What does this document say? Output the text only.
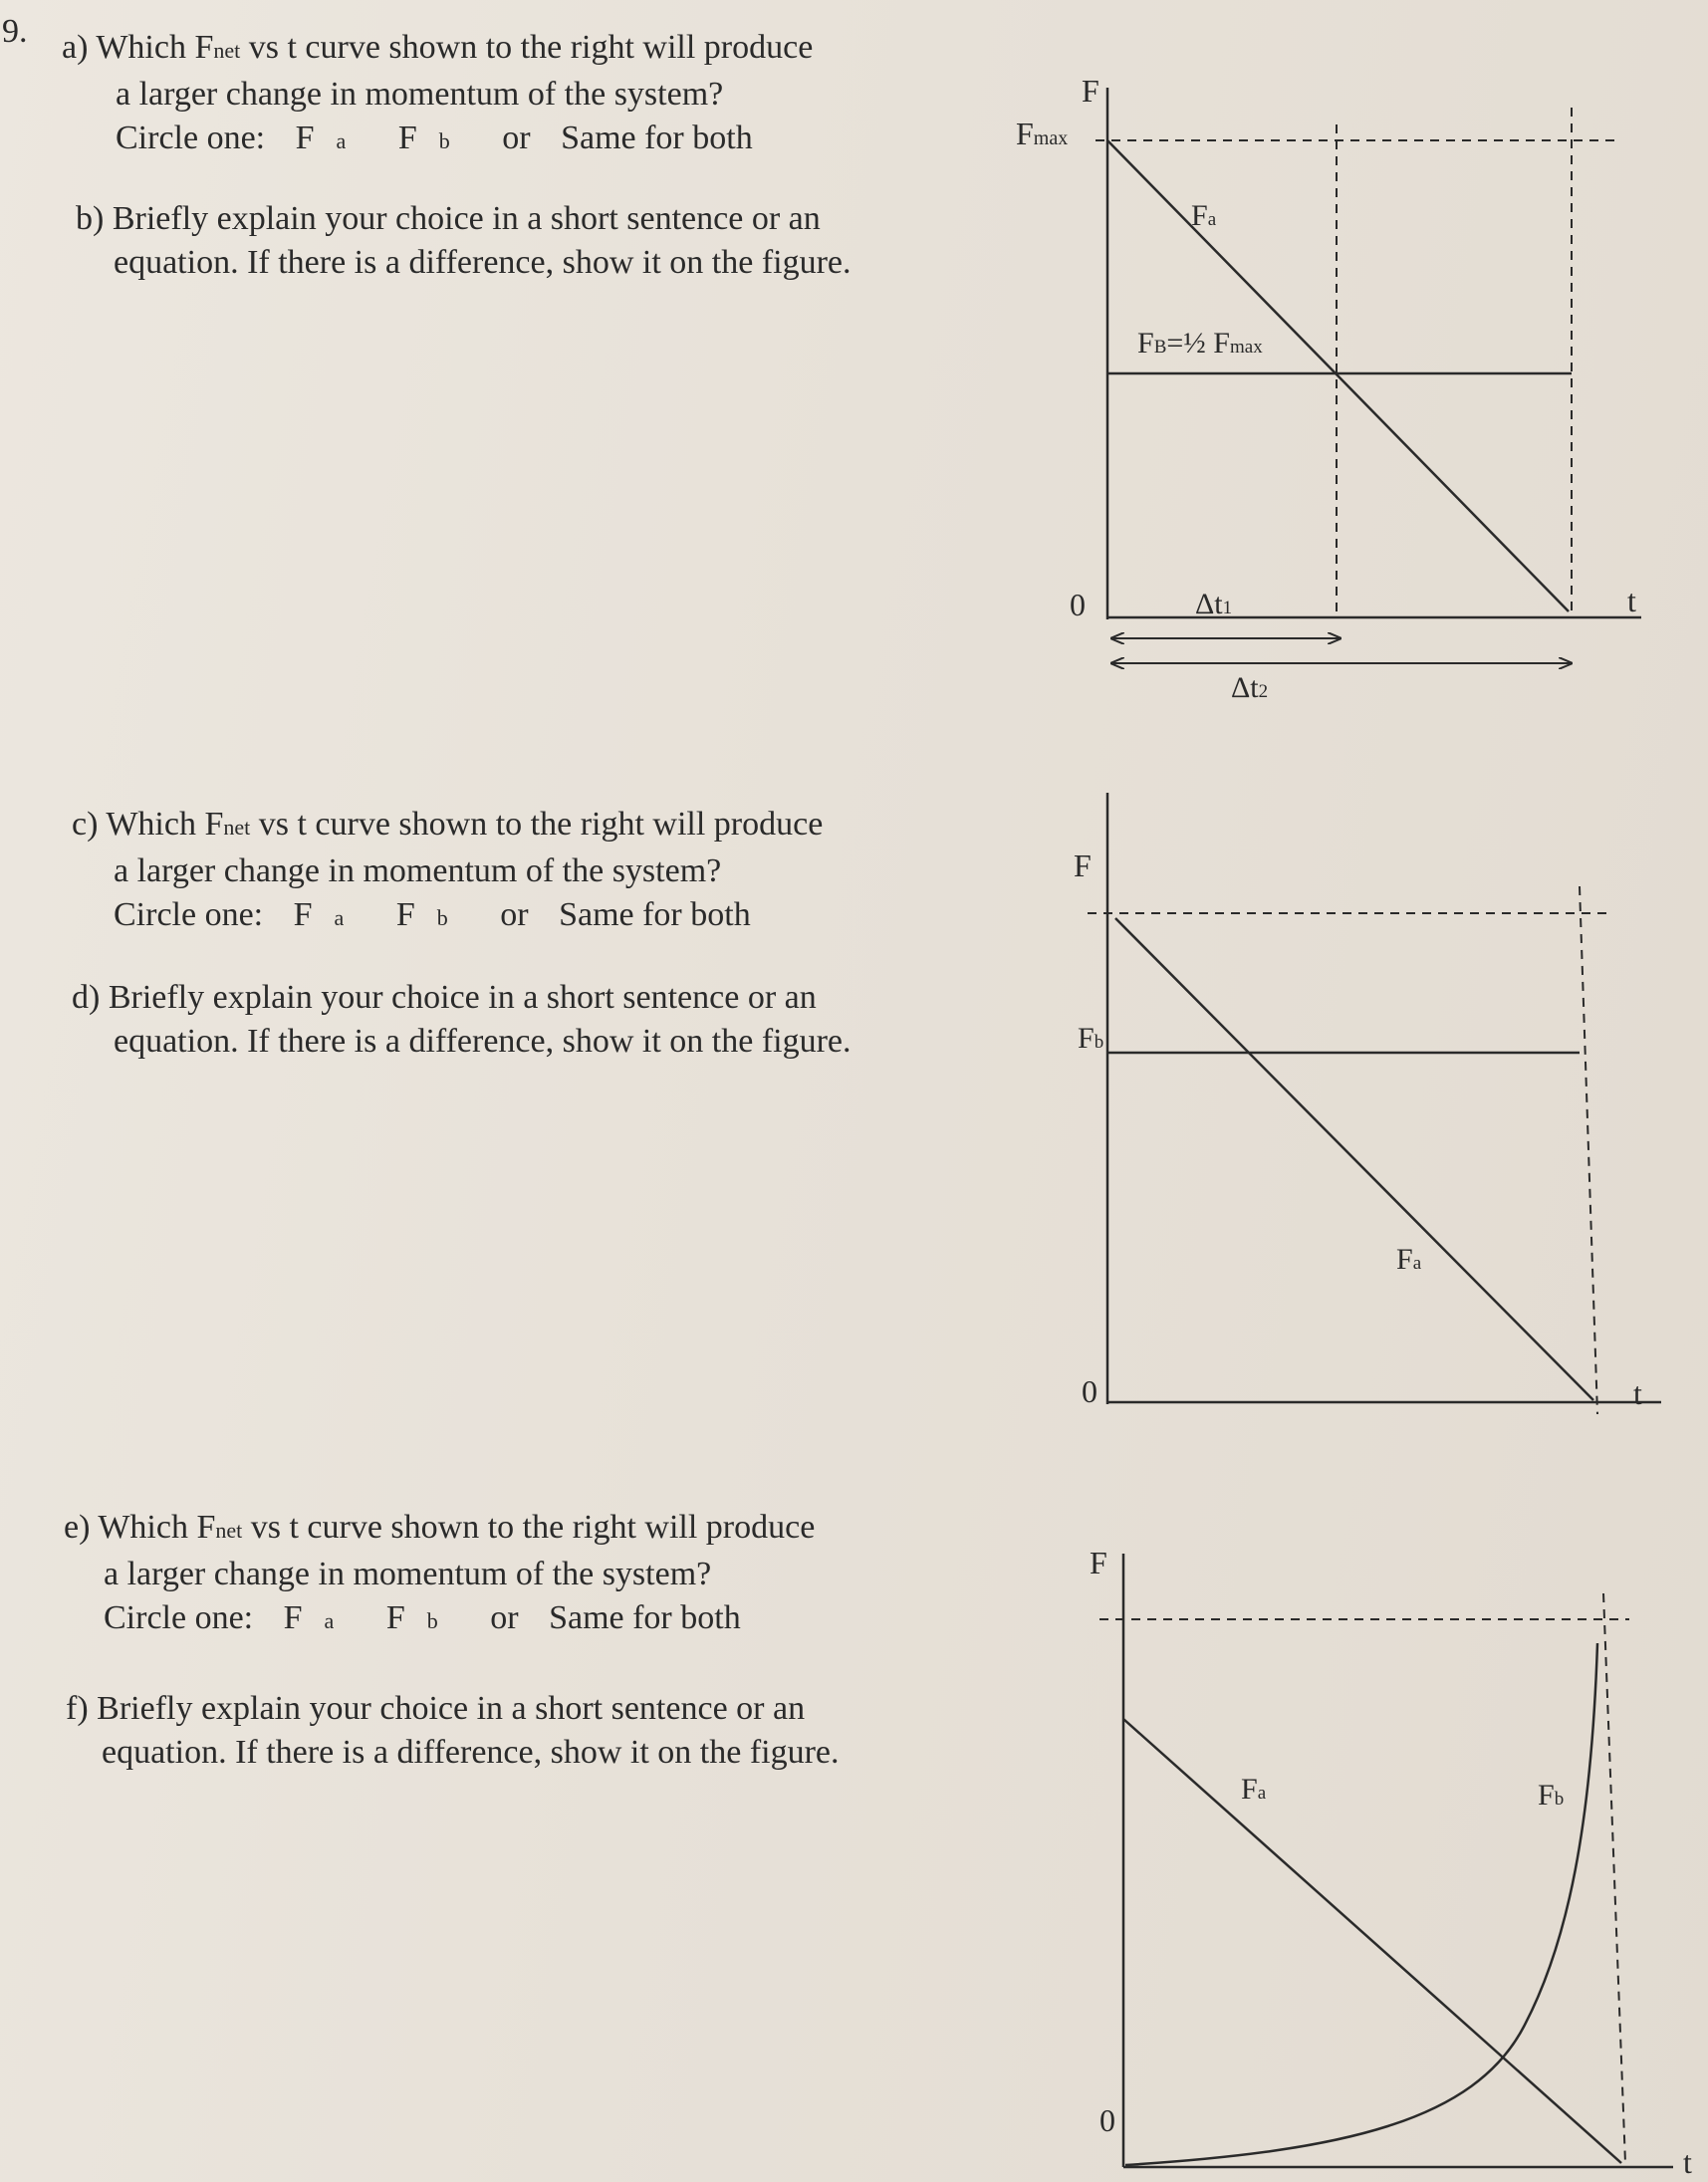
9. a) Which Fnet vs t curve shown to the right will produce
a larger change in momentum of the system?
Circle one: F a F b or Same for both
b) Briefly explain your choice in a short sentence or an
equation. If there is a difference, show it on the figure.
c) Which Fnet vs t curve shown to the right will produce
a larger change in momentum of the system?
Circle one: F a F b or Same for both
d) Briefly explain your choice in a short sentence or an
equation. If there is a difference, show it on the figure.
e) Which Fnet vs t curve shown to the right will produce
a larger change in momentum of the system?
Circle one: F a F b or Same for both
f) Briefly explain your choice in a short sentence or an
equation. If there is a difference, show it on the figure.
F
Fmax
0	t
Fa
FB=½ Fmax
Δt1
Δt2
F
Fb
0	t
Fa
F
0
t
Fa	Fb
